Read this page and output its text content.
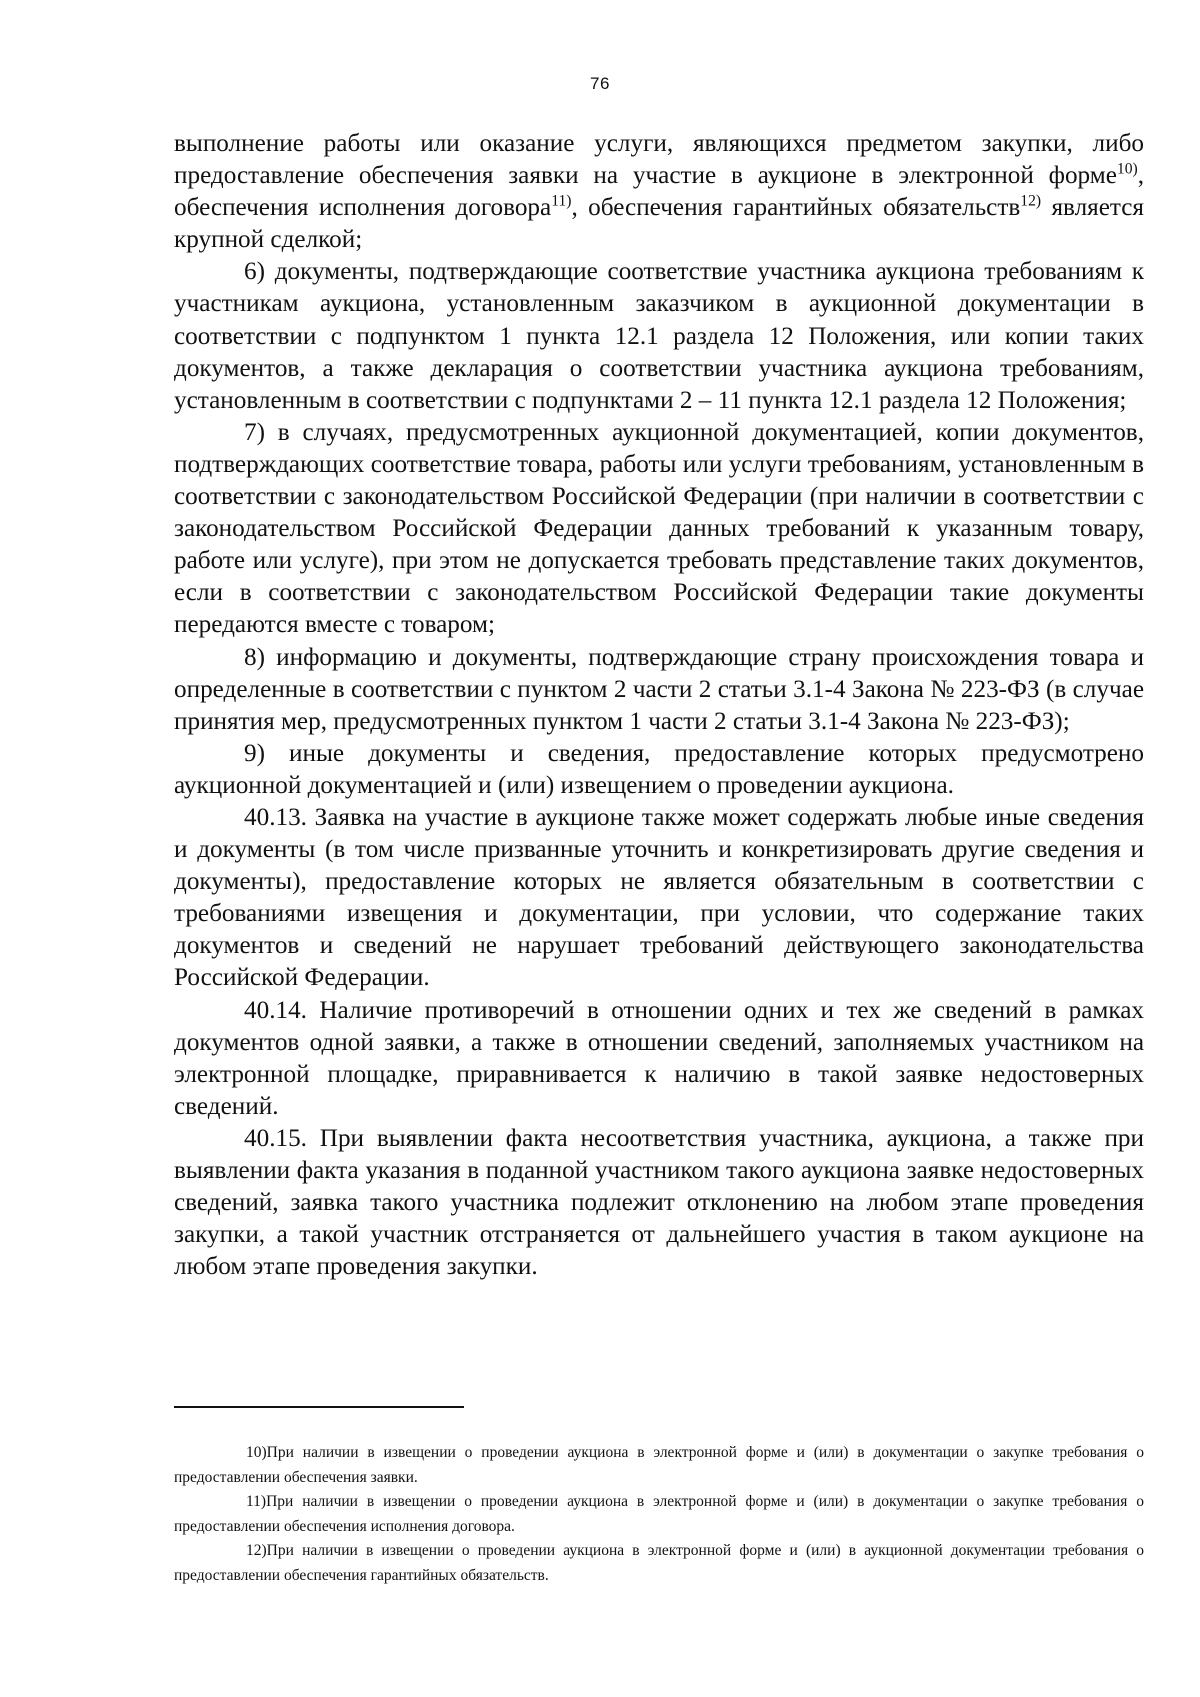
76

выполнение работы или оказание услуги, являющихся предметом закупки, либо предоставление обеспечения заявки на участие в аукционе в электронной форме$^{10)}$, обеспечения исполнения договора$^{11)}$, обеспечения гарантийных обязательств$^{12)}$ является крупной сделкой;

6) документы, подтверждающие соответствие участника аукциона требованиям к участникам аукциона, установленным заказчиком в аукционной документации в соответствии с подпунктом 1 пункта 12.1 раздела 12 Положения, или копии таких документов, а также декларация о соответствии участника аукциона требованиям, установленным в соответствии с подпунктами 2 – 11 пункта 12.1 раздела 12 Положения;

7) в случаях, предусмотренных аукционной документацией, копии документов, подтверждающих соответствие товара, работы или услуги требованиям, установленным в соответствии с законодательством Российской Федерации (при наличии в соответствии с законодательством Российской Федерации данных требований к указанным товару, работе или услуге), при этом не допускается требовать представление таких документов, если в соответствии с законодательством Российской Федерации такие документы передаются вместе с товаром;

8) информацию и документы, подтверждающие страну происхождения товара и определенные в соответствии с пунктом 2 части 2 статьи 3.1-4 Закона № 223-ФЗ (в случае принятия мер, предусмотренных пунктом 1 части 2 статьи 3.1-4 Закона № 223-ФЗ);

9) иные документы и сведения, предоставление которых предусмотрено аукционной документацией и (или) извещением о проведении аукциона.

40.13. Заявка на участие в аукционе также может содержать любые иные сведения и документы (в том числе призванные уточнить и конкретизировать другие сведения и документы), предоставление которых не является обязательным в соответствии с требованиями извещения и документации, при условии, что содержание таких документов и сведений не нарушает требований действующего законодательства Российской Федерации.

40.14. Наличие противоречий в отношении одних и тех же сведений в рамках документов одной заявки, а также в отношении сведений, заполняемых участником на электронной площадке, приравнивается к наличию в такой заявке недостоверных сведений.

40.15. При выявлении факта несоответствия участника, аукциона, а также при выявлении факта указания в поданной участником такого аукциона заявке недостоверных сведений, заявка такого участника подлежит отклонению на любом этапе проведения закупки, а такой участник отстраняется от дальнейшего участия в таком аукционе на любом этапе проведения закупки.

10)При наличии в извещении о проведении аукциона в электронной форме и (или) в документации о закупке требования о предоставлении обеспечения заявки.

11)При наличии в извещении о проведении аукциона в электронной форме и (или) в документации о закупке требования о предоставлении обеспечения исполнения договора.

12)При наличии в извещении о проведении аукциона в электронной форме и (или) в аукционной документации требования о предоставлении обеспечения гарантийных обязательств.
